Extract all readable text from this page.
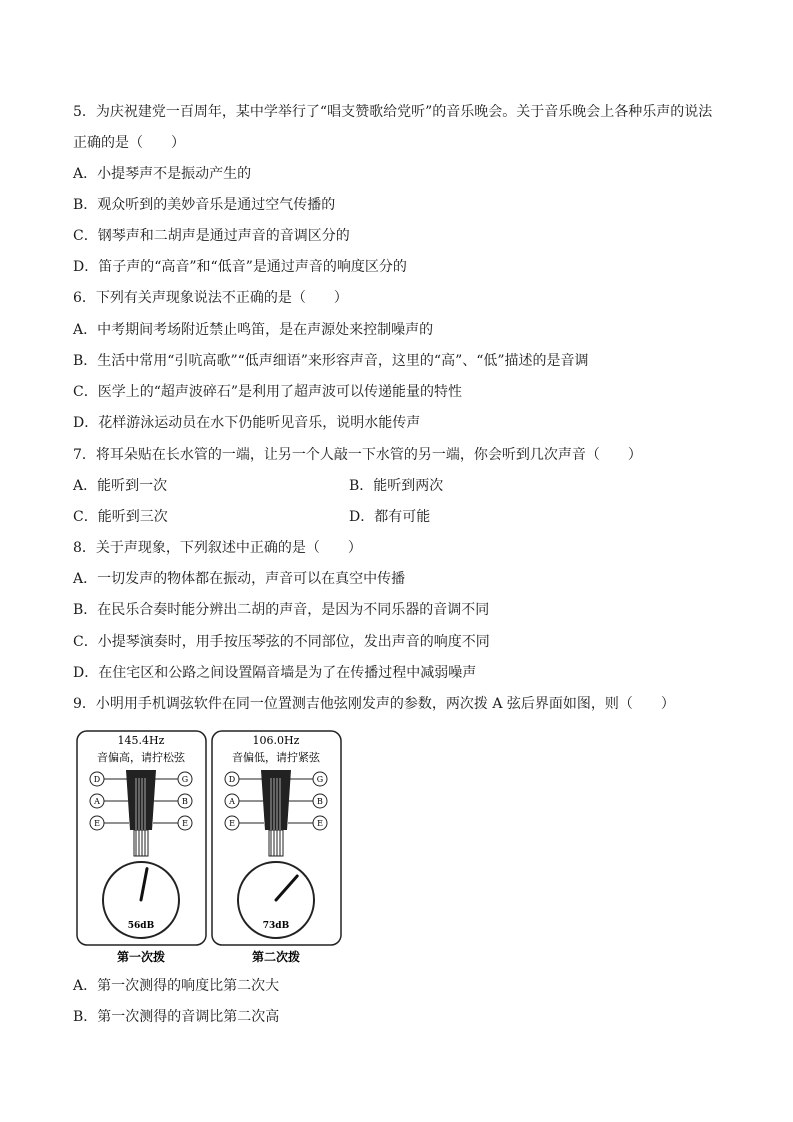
5．为庆祝建党一百周年，某中学举行了“唱支赞歌给党听”的音乐晚会。关于音乐晚会上各种乐声的说法
正确的是（　　）
A．小提琴声不是振动产生的
B．观众听到的美妙音乐是通过空气传播的
C．钢琴声和二胡声是通过声音的音调区分的
D．笛子声的“高音”和“低音”是通过声音的响度区分的
6．下列有关声现象说法不正确的是（　　）
A．中考期间考场附近禁止鸣笛，是在声源处来控制噪声的
B．生活中常用“引吭高歌”“低声细语”来形容声音，这里的“高”、“低”描述的是音调
C．医学上的“超声波碎石”是利用了超声波可以传递能量的特性
D．花样游泳运动员在水下仍能听见音乐，说明水能传声
7．将耳朵贴在长水管的一端，让另一个人敲一下水管的另一端，你会听到几次声音（　　）
A．能听到一次	B．能听到两次
C．能听到三次	D．都有可能
8．关于声现象，下列叙述中正确的是（　　）
A．一切发声的物体都在振动，声音可以在真空中传播
B．在民乐合奏时能分辨出二胡的声音，是因为不同乐器的音调不同
C．小提琴演奏时，用手按压琴弦的不同部位，发出声音的响度不同
D．在住宅区和公路之间设置隔音墙是为了在传播过程中减弱噪声
9．小明用手机调弦软件在同一位置测吉他弦刚发声的参数，两次拨 A 弦后界面如图，则（　　）
145.4Hz
音偏高，请拧松弦
D
A
E
G
B
E
56dB
第一次拨
106.0Hz
音偏低，请拧紧弦
D
A
E
G
B
E
73dB
第二次拨
A．第一次测得的响度比第二次大
B．第一次测得的音调比第二次高
